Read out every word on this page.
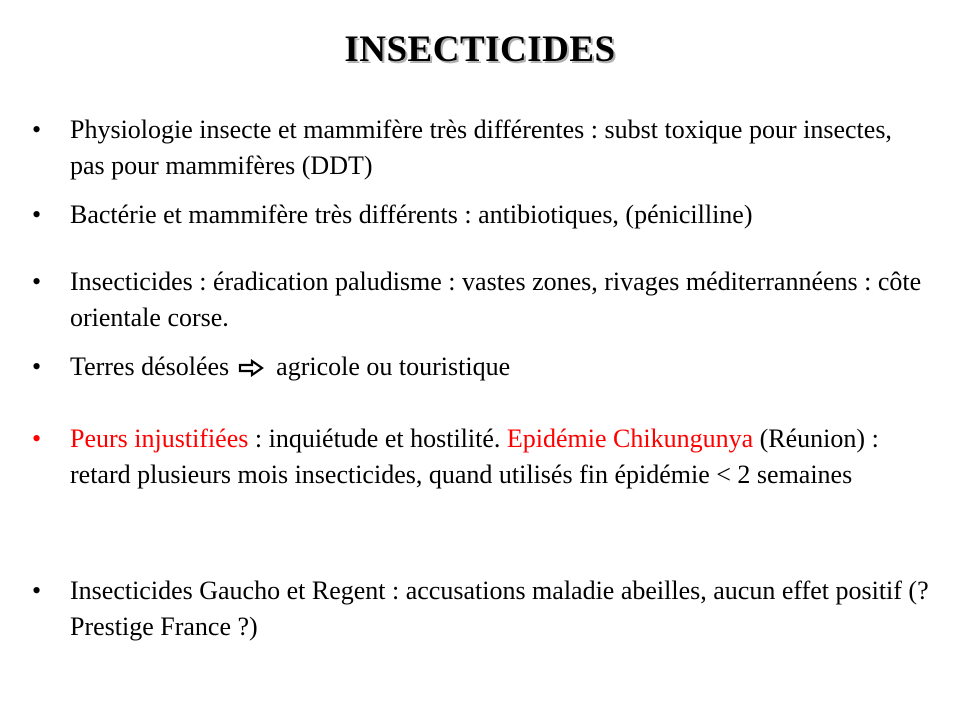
INSECTICIDES
•	Physiologie insecte et mammifère très différentes : subst toxique pour insectes, pas pour mammifères (DDT)
•	Bactérie et mammifère très différents : antibiotiques, (pénicilline)
•	Insecticides : éradication paludisme : vastes zones, rivages méditerrannéens : côte orientale corse.
•	Terres désolées agricole ou touristique
•	Peurs injustifiées : inquiétude et hostilité. Epidémie Chikungunya (Réunion) : retard plusieurs mois insecticides, quand utilisés fin épidémie < 2 semaines
•	Insecticides Gaucho et Regent : accusations maladie abeilles, aucun effet positif (? Prestige France ?)
